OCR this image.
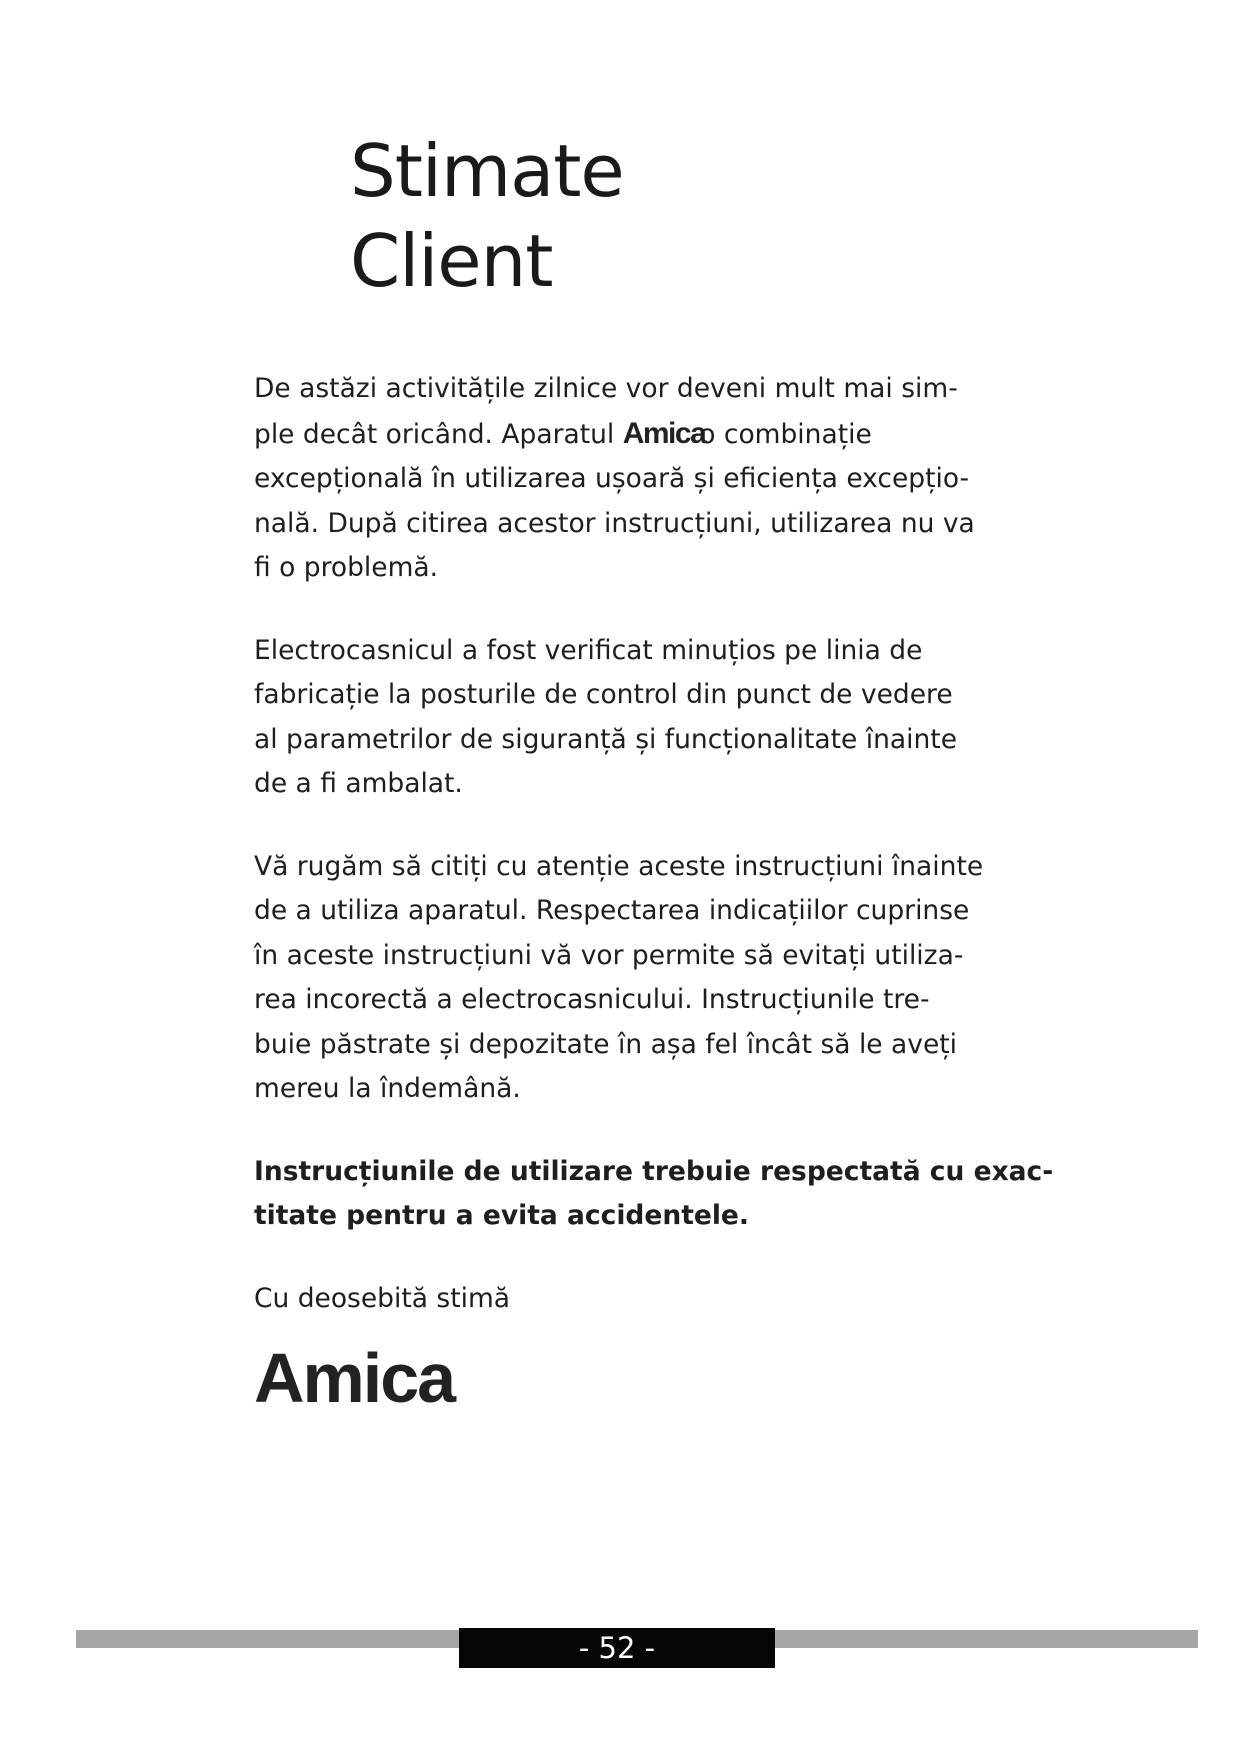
Stimate
Client

De astăzi activitățile zilnice vor deveni mult mai sim-
ple decât oricând. Aparatul Amicao combinație
excepțională în utilizarea ușoară și eficiența excepțio-
nală. După citirea acestor instrucțiuni, utilizarea nu va
fi o problemă.

Electrocasnicul a fost verificat minuțios pe linia de
fabricație la posturile de control din punct de vedere
al parametrilor de siguranță și funcționalitate înainte
de a fi ambalat.

Vă rugăm să citiți cu atenție aceste instrucțiuni înainte
de a utiliza aparatul. Respectarea indicațiilor cuprinse
în aceste instrucțiuni vă vor permite să evitați utiliza-
rea incorectă a electrocasnicului. Instrucțiunile tre-
buie păstrate și depozitate în așa fel încât să le aveți
mereu la îndemână.

Instrucțiunile de utilizare trebuie respectată cu exac-
titate pentru a evita accidentele.

Cu deosebită stimă

Amica
- 52 -
